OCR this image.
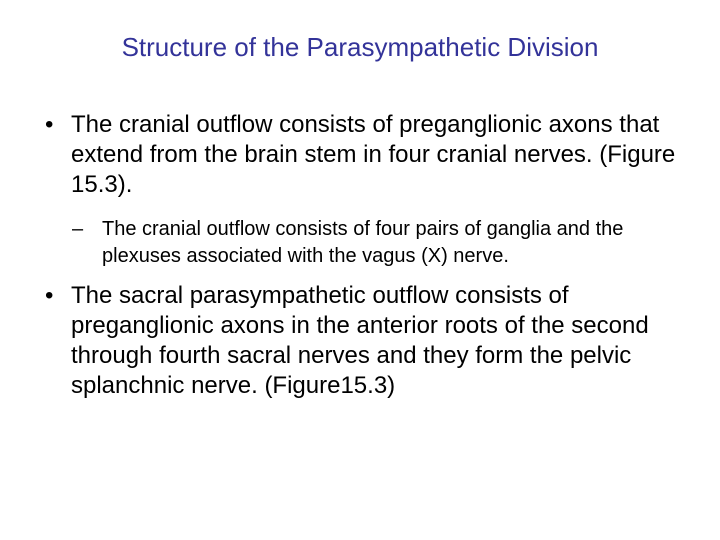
Structure of the Parasympathetic Division
• The cranial outflow consists of preganglionic axons that extend from the brain stem in four cranial nerves. (Figure 15.3).
– The cranial outflow consists of four pairs of ganglia and the plexuses associated with the vagus (X) nerve.
• The sacral parasympathetic outflow consists of preganglionic axons in the anterior roots of the second through fourth sacral nerves and they form the pelvic splanchnic nerve. (Figure15.3)
